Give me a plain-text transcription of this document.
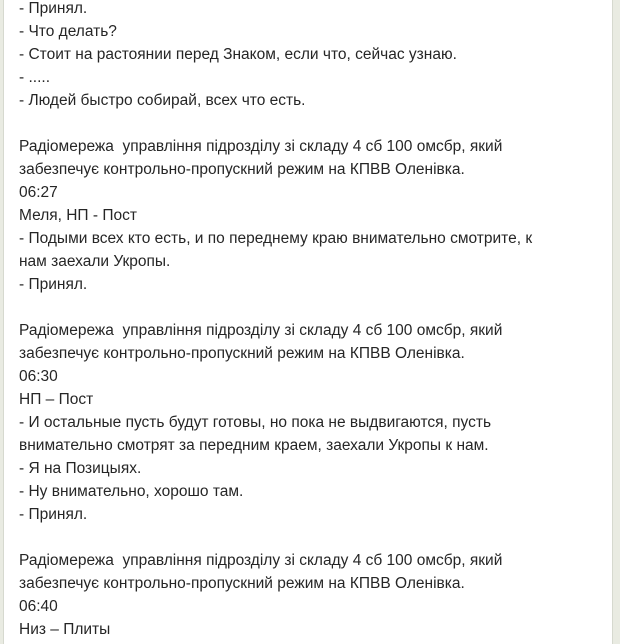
- Принял.
- Что делать?
- Стоит на растоянии перед Знаком, если что, сейчас узнаю.
- .....
- Людей быстро собирай, всех что есть.
Радіомережа  управління підрозділу зі складу 4 сб 100 омсбр, який
забезпечує контрольно-пропускний режим на КПВВ Оленівка.
06:27
Меля, НП - Пост
- Подыми всех кто есть, и по переднему краю внимательно смотрите, к
нам заехали Укропы.
- Принял.
Радіомережа  управління підрозділу зі складу 4 сб 100 омсбр, який
забезпечує контрольно-пропускний режим на КПВВ Оленівка.
06:30
НП – Пост
- И остальные пусть будут готовы, но пока не выдвигаются, пусть
внимательно смотрят за передним краем, заехали Укропы к нам.
- Я на Позицыях.
- Ну внимательно, хорошо там.
- Принял.
Радіомережа  управління підрозділу зі складу 4 сб 100 омсбр, який
забезпечує контрольно-пропускний режим на КПВВ Оленівка.
06:40
Низ – Плиты
